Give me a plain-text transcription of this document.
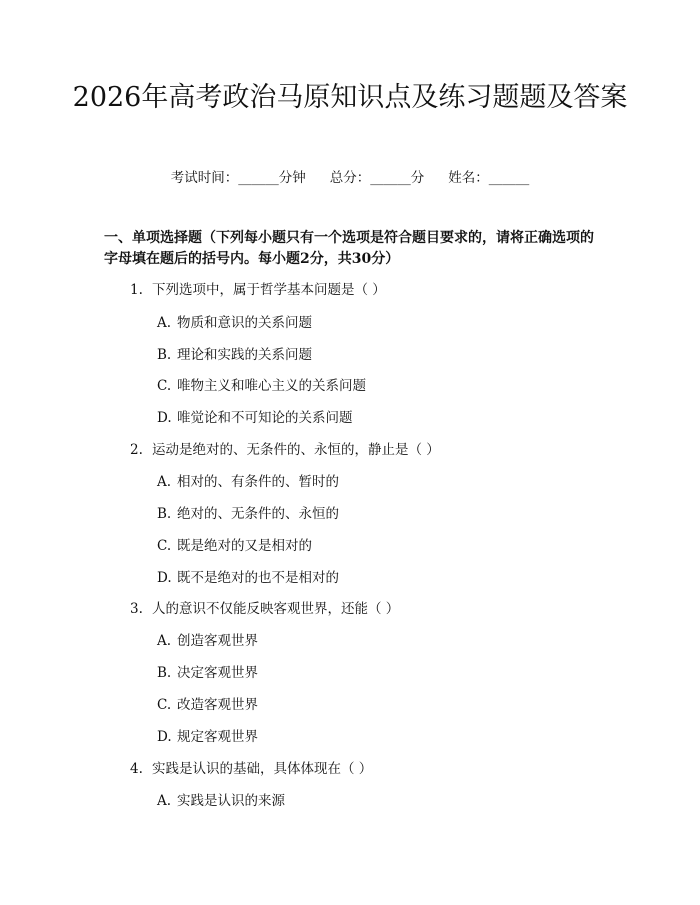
2026年高考政治马原知识点及练习题题及答案
考试时间：______分钟 总分：______分 姓名：______
一、单项选择题（下列每小题只有一个选项是符合题目要求的，请将正确选项的字母填在题后的括号内。每小题2分，共30分）
1. 下列选项中，属于哲学基本问题是（ ）
A. 物质和意识的关系问题
B. 理论和实践的关系问题
C. 唯物主义和唯心主义的关系问题
D. 唯觉论和不可知论的关系问题
2. 运动是绝对的、无条件的、永恒的，静止是（ ）
A. 相对的、有条件的、暂时的
B. 绝对的、无条件的、永恒的
C. 既是绝对的又是相对的
D. 既不是绝对的也不是相对的
3. 人的意识不仅能反映客观世界，还能（ ）
A. 创造客观世界
B. 决定客观世界
C. 改造客观世界
D. 规定客观世界
4. 实践是认识的基础，具体体现在（ ）
A. 实践是认识的来源
